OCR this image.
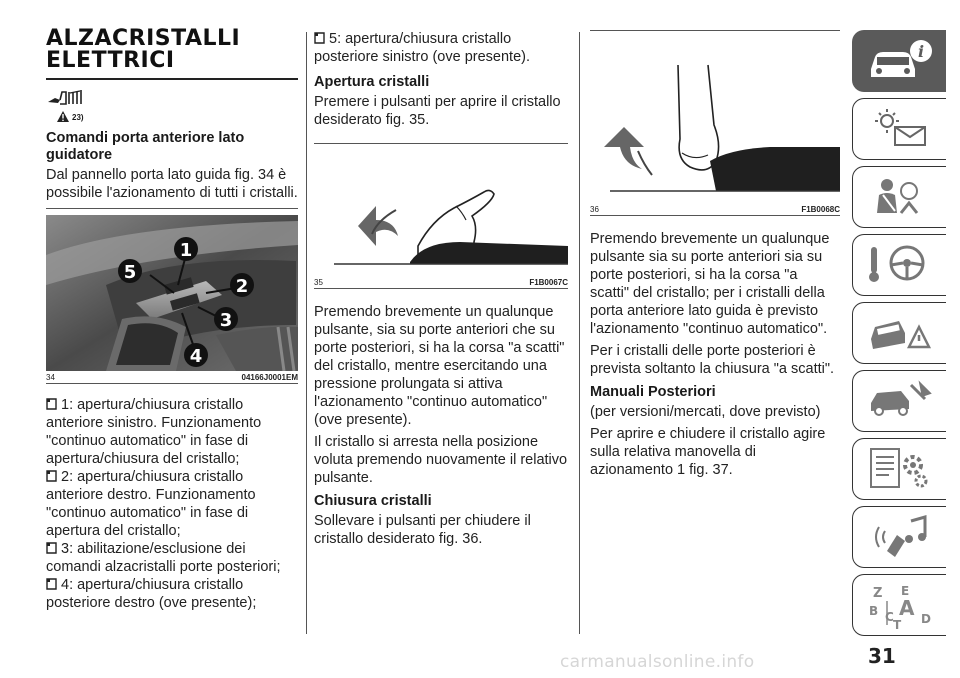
ALZACRISTALLI
ELETTRICI
23)
Comandi porta anteriore lato guidatore

Dal pannello porta lato guida fig. 34 è possibile l'azionamento di tutti i cristalli.

1
2
3
4
5
34	04166J0001EM

1: apertura/chiusura cristallo anteriore sinistro. Funzionamento "continuo automatico" in fase di apertura/chiusura del cristallo;

2: apertura/chiusura cristallo anteriore destro. Funzionamento "continuo automatico" in fase di apertura del cristallo;

3: abilitazione/esclusione dei comandi alzacristalli porte posteriori;

4: apertura/chiusura cristallo posteriore destro (ove presente);

5: apertura/chiusura cristallo posteriore sinistro (ove presente).

Apertura cristalli

Premere i pulsanti per aprire il cristallo desiderato fig. 35.

35	F1B0067C

Premendo brevemente un qualunque pulsante, sia su porte anteriori che su porte posteriori, si ha la corsa "a scatti" del cristallo, mentre esercitando una pressione prolungata si attiva l'azionamento "continuo automatico" (ove presente).

Il cristallo si arresta nella posizione voluta premendo nuovamente il relativo pulsante.

Chiusura cristalli

Sollevare i pulsanti per chiudere il cristallo desiderato fig. 36.

36	F1B0068C

Premendo brevemente un qualunque pulsante sia su porte anteriori sia su porte posteriori, si ha la corsa "a scatti" del cristallo; per i cristalli della porta anteriore lato guida è previsto l'azionamento "continuo automatico".

Per i cristalli delle porte posteriori è prevista soltanto la chiusura "a scatti".

Manuali Posteriori

(per versioni/mercati, dove previsto)

Per aprire e chiudere il cristallo agire sulla relativa manovella di azionamento 1 fig. 37.

i
Z E
B A
C D
T
31
carmanualsonline.info
